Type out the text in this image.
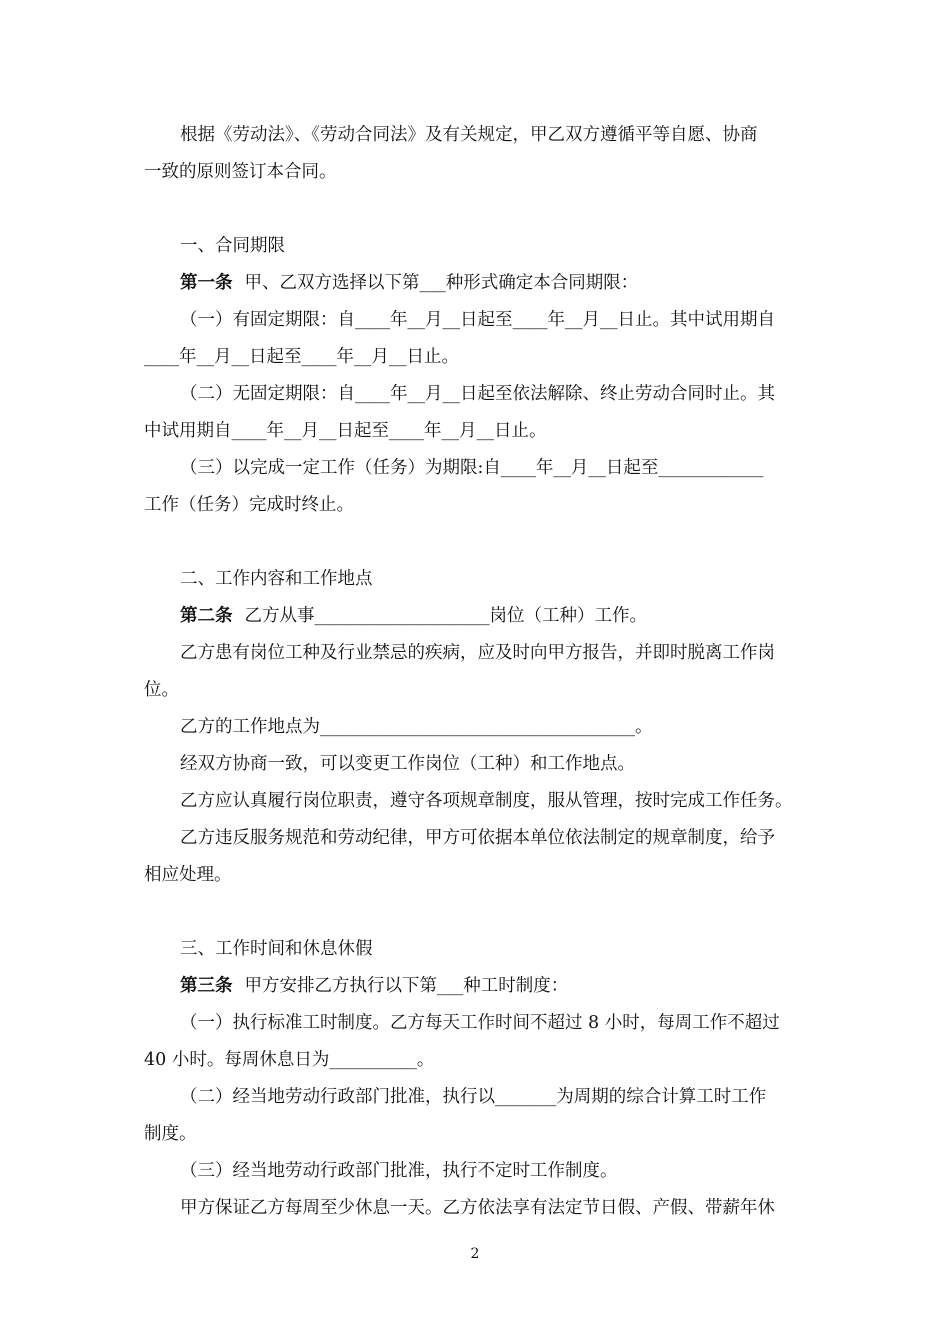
根据《劳动法》、《劳动合同法》及有关规定，甲乙双方遵循平等自愿、协商
一致的原则签订本合同。
一、合同期限
第一条 甲、乙双方选择以下第___种形式确定本合同期限：
（一）有固定期限：自____年__月__日起至____年__月__日止。其中试用期自
____年__月__日起至____年__月__日止。
（二）无固定期限：自____年__月__日起至依法解除、终止劳动合同时止。其
中试用期自____年__月__日起至____年__月__日止。
（三）以完成一定工作（任务）为期限:自____年__月__日起至____________
工作（任务）完成时终止。
二、工作内容和工作地点
第二条 乙方从事____________________岗位（工种）工作。
乙方患有岗位工种及行业禁忌的疾病，应及时向甲方报告，并即时脱离工作岗
位。
乙方的工作地点为____________________________________。
经双方协商一致，可以变更工作岗位（工种）和工作地点。
乙方应认真履行岗位职责，遵守各项规章制度，服从管理，按时完成工作任务。
乙方违反服务规范和劳动纪律，甲方可依据本单位依法制定的规章制度，给予
相应处理。
三、工作时间和休息休假
第三条 甲方安排乙方执行以下第___种工时制度：
（一）执行标准工时制度。乙方每天工作时间不超过 8 小时，每周工作不超过
40 小时。每周休息日为__________。
（二）经当地劳动行政部门批准，执行以_______为周期的综合计算工时工作
制度。
（三）经当地劳动行政部门批准，执行不定时工作制度。
甲方保证乙方每周至少休息一天。乙方依法享有法定节日假、产假、带薪年休
2
